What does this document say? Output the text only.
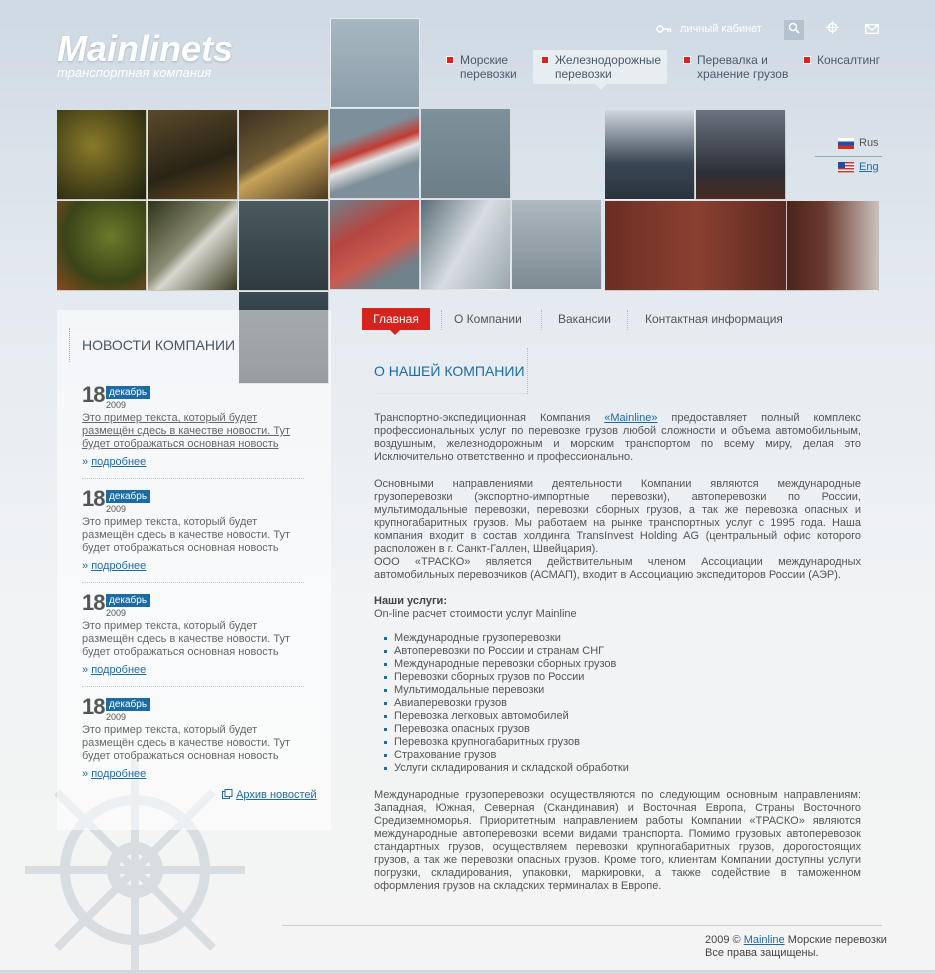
Mainlinets
транспортная компания
личный кабинет
Морские
перевозки
Железнодорожные
перевозки
Перевалка и
хранение грузов
Консалтинг
Rus
Eng
НОВОСТИ КОМПАНИИ
18 декабрь
2009
Это пример текста, который будет размещён сдесь в качестве новости. Тут будет отображаться основная новость
» подробнее
18 декабрь
2009
Это пример текста, который будет размещён сдесь в качестве новости. Тут будет отображаться основная новость
» подробнее
18 декабрь
2009
Это пример текста, который будет размещён сдесь в качестве новости. Тут будет отображаться основная новость
» подробнее
18 декабрь
2009
Это пример текста, который будет размещён сдесь в качестве новости. Тут будет отображаться основная новость
» подробнее
Архив новостей
Главная	О Компании	Вакансии	Контактная информация
О НАШЕЙ КОМПАНИИ
Транспортно-экспедиционная Компания «Mainline» предоставляет полный комплекс профессиональных услуг по перевозке грузов любой сложности и объема автомобильным, воздушным, железнодорожным и морским транспортом по всему миру, делая это Исключительно ответственно и профессионально.
Основными направлениями деятельности Компании являются международные грузоперевозки (экспортно-импортные перевозки), автоперевозки по России, мультимодальные перевозки, перевозки сборных грузов, а так же перевозка опасных и крупногабаритных грузов. Мы работаем на рынке транспортных услуг с 1995 года. Наша компания входит в состав холдинга TransInvest Holding AG (центральный офис которого расположен в г. Санкт-Галлен, Швейцария).
ООО «ТРАСКО» является действительным членом Ассоциации международных автомобильных перевозчиков (АСМАП), входит в Ассоциацию экспедиторов России (АЭР).
Наши услуги:
On-line расчет стоимости услуг Mainline
Международные грузоперевозки
Автоперевозки по России и странам СНГ
Международные перевозки сборных грузов
Перевозки сборных грузов по России
Мультимодальные перевозки
Авиаперевозки грузов
Перевозка легковых автомобилей
Перевозка опасных грузов
Перевозка крупногабаритных грузов
Страхование грузов
Услуги складирования и складской обработки
Международные грузоперевозки осуществляются по следующим основным направлениям: Западная, Южная, Северная (Скандинавия) и Восточная Европа, Страны Восточного Средиземноморья. Приоритетным направлением работы Компании «ТРАСКО» являются международные автоперевозки всеми видами транспорта. Помимо грузовых автоперевозок стандартных грузов, осуществляем перевозки крупногабаритных грузов, дорогостоящих грузов, а так же перевозки опасных грузов. Кроме того, клиентам Компании доступны услуги погрузки, складирования, упаковки, маркировки, а также содействие в таможенном оформления грузов на складских терминалах в Европе.
2009 © Mainline Морские перевозки
Все права защищены.
